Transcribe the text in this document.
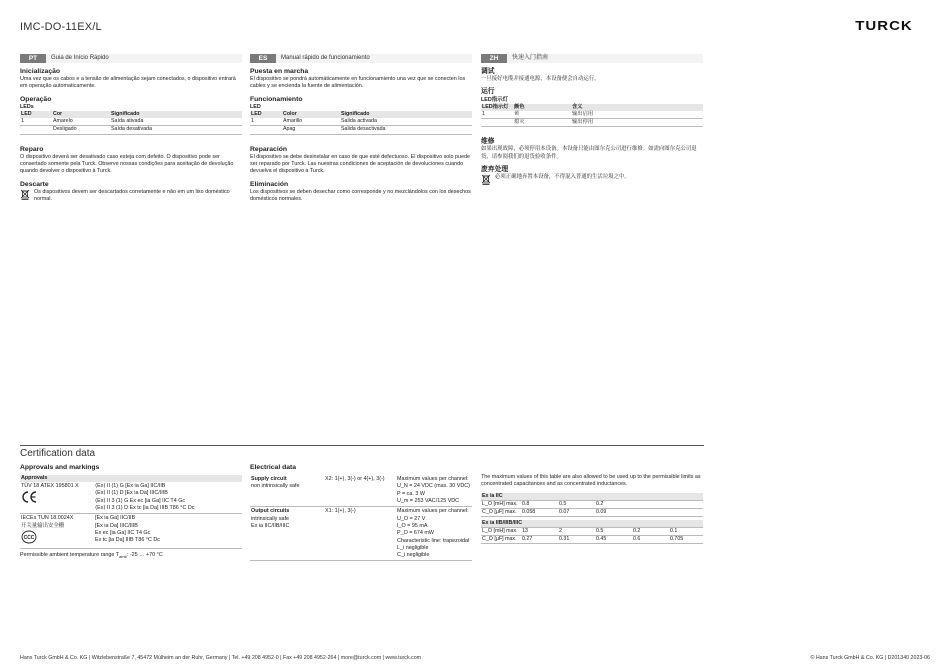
IMC-DO-11EX/L	TURCK
PT	Guia de Início Rápido
Inicialização

Uma vez que os cabos e a tensão de alimentação sejam conectados, o dispositivo entrará em operação automaticamente.

Operação

LEDs

LED	Cor	Significado
1	Amarelo	Saída ativada
	Desligado	Saída desativada
Reparo

O dispositivo deverá ser desativado caso esteja com defeito. O dispositivo pode ser consertado somente pela Turck. Observe nossas condições para aceitação de devolução quando devolver o dispositivo à Turck.

Descarte

Os dispositivos devem ser descartados corretamente e não em um lixo doméstico normal.

ES	Manual rápido de funcionamiento
Puesta en marcha

El dispositivo se pondrá automáticamente en funcionamiento una vez que se conecten los cables y se encienda la fuente de alimentación.

Funcionamiento

LED

LED	Color	Significado
1	Amarillo	Salida activada
	Apag	Salida desactivada
Reparación

El dispositivo se debe desinstalar en caso de que esté defectuoso. El dispositivo solo puede ser reparado por Turck. Las nuestras condiciones de aceptación de devoluciones cuando devuelva el dispositivo a Turck.

Eliminación

Los dispositivos se deben desechar como corresponde y no mezclándolos con los desechos domésticos normales.

ZH	快速入门指南
调试

一旦接好电缆并接通电源，本设备便会自动运行。

运行

LED指示灯

LED指示灯	颜色	含义
1	黄	输出启用
	熄灭	输出停用
维修

如果出现故障，必须停用本设备。本设备只能由图尔克公司进行维修。如需向图尔克公司退货，请参阅我们的退货验收条件。

废弃处理

必须正确地弃置本设备，不得混入普通的生活垃圾之中。

Certification data
Approvals and markings
Approvals
TÜV 18 ATEX 195801 X	⟨Ex⟩ II (1) G [Ex ia Ga] IIC/IIB
⟨Ex⟩ II (1) D [Ex ia Da] IIIC/IIIB
⟨Ex⟩ II 3 (1) G Ex ec [ia Ga] IIC T4 Gc
⟨Ex⟩ II 3 (1) D Ex tc [ia Da] IIIB T86 °C Dc
IECEx TUN 18.0024X
开关量输出安全栅
CCC
[Ex ia Ga] IIC/IIB
[Ex ia Da] IIIC/IIIB
Ex ec [ia Ga] IIC T4 Gc
Ex tc [ia Da] IIIB T86 °C Dc
Permissible ambient temperature range $T_{amb}$: -25 … +70 °C
Electrical data
Supply circuit
non intrinsically safe
X2: 1(+), 3(-) or 4(+), 3(-)	Maximum values per channel:
U_N = 24 VDC (max. 30 VDC)
P = ca. 3 W
U_m = 253 VAC/125 VDC
Output circuits
intrinsically safe
Ex ia IIC/IIB/IIIC
X1: 1(+), 3(-)	Maximum values per channel:
U_O = 27 V
I_O = 95 mA
P_O = 674 mW
Characteristic line: trapezoidal
L_i negligible
C_i negligible

The maximum values of this table are also allowed to be used up to the permissible limits as concentrated capacitances and as concentrated inductances.

Ex ia IIC			
L_O [mH] max.	0.8	0.5	0.2
C_O [µF] max.	0.058	0.07	0.09
Ex ia IIB/IIIB/IIIC					
L_O [mH] max.	13	2	0.5	0.2	0.1
C_O [µF] max.	0.27	0.31	0.45	0.6	0.705
Hans Turck GmbH & Co. KG | Witzlebenstraße 7, 45472 Mülheim an der Ruhr, Germany | Tel. +49 208 4952-0 | Fax +49 208 4952-264 | more@turck.com | www.turck.com	© Hans Turck GmbH & Co. KG | D201340 2023-06
